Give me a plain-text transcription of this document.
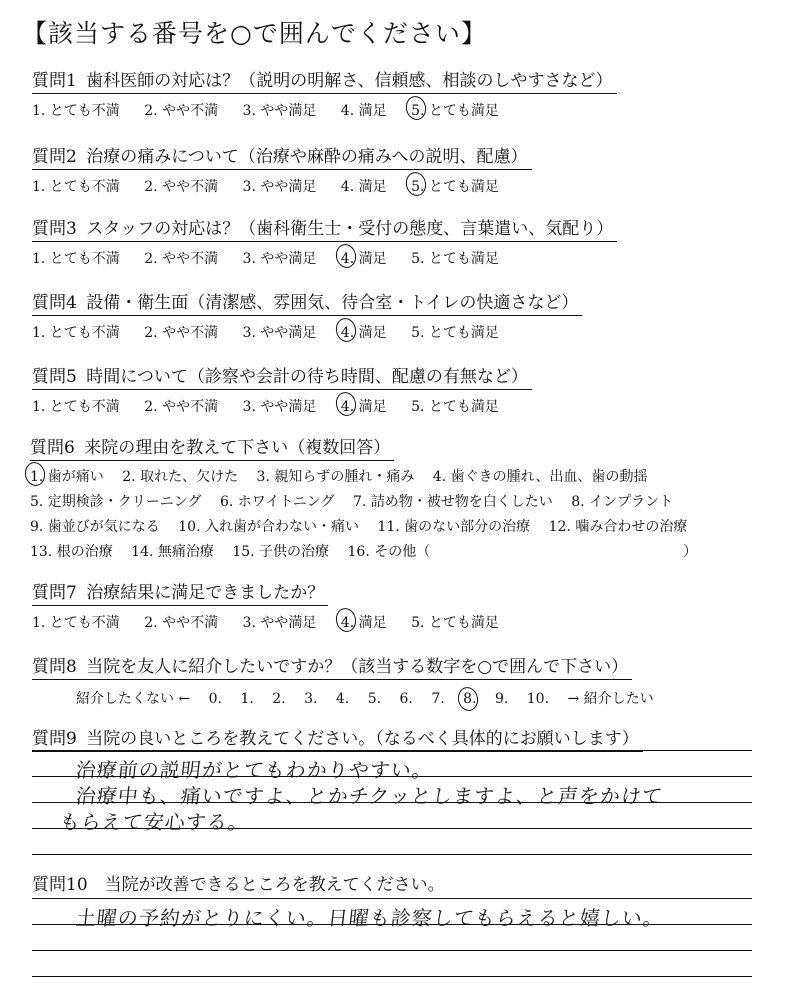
【該当する番号を○で囲んでください】
質問1 歯科医師の対応は？（説明の明解さ、信頼感、相談のしやすさなど）
1. とても不満 2. やや不満 3. やや満足 4. 満足 5. とても満足
質問2 治療の痛みについて（治療や麻酔の痛みへの説明、配慮）
1. とても不満 2. やや不満 3. やや満足 4. 満足 5. とても満足
質問3 スタッフの対応は？（歯科衛生士・受付の態度、言葉遣い、気配り）
1. とても不満 2. やや不満 3. やや満足 4. 満足 5. とても満足
質問4 設備・衛生面（清潔感、雰囲気、待合室・トイレの快適さなど）
1. とても不満 2. やや不満 3. やや満足 4. 満足 5. とても満足
質問5 時間について（診察や会計の待ち時間、配慮の有無など）
1. とても不満 2. やや不満 3. やや満足 4. 満足 5. とても満足
質問6 来院の理由を教えて下さい（複数回答）
1. 歯が痛い 2. 取れた、欠けた 3. 親知らずの腫れ・痛み 4. 歯ぐきの腫れ、出血、歯の動揺
5. 定期検診・クリーニング 6. ホワイトニング 7. 詰め物・被せ物を白くしたい 8. インプラント
9. 歯並びが気になる 10. 入れ歯が合わない・痛い 11. 歯のない部分の治療 12. 噛み合わせの治療
13. 根の治療 14. 無痛治療 15. 子供の治療 16. その他（	）
質問7 治療結果に満足できましたか？
1. とても不満 2. やや不満 3. やや満足 4. 満足 5. とても満足
質問8 当院を友人に紹介したいですか？（該当する数字を○で囲んで下さい）
紹介したくない ← 0. 1. 2. 3. 4. 5. 6. 7. 8. 9. 10. → 紹介したい
質問9 当院の良いところを教えてください。（なるべく具体的にお願いします）
治療前の説明がとてもわかりやすい。
治療中も、痛いですよ、とかチクッとしますよ、と声をかけて
もらえて安心する。
質問10　 当院が改善できるところを教えてください。
土曜の予約がとりにくい。日曜も診察してもらえると嬉しい。
